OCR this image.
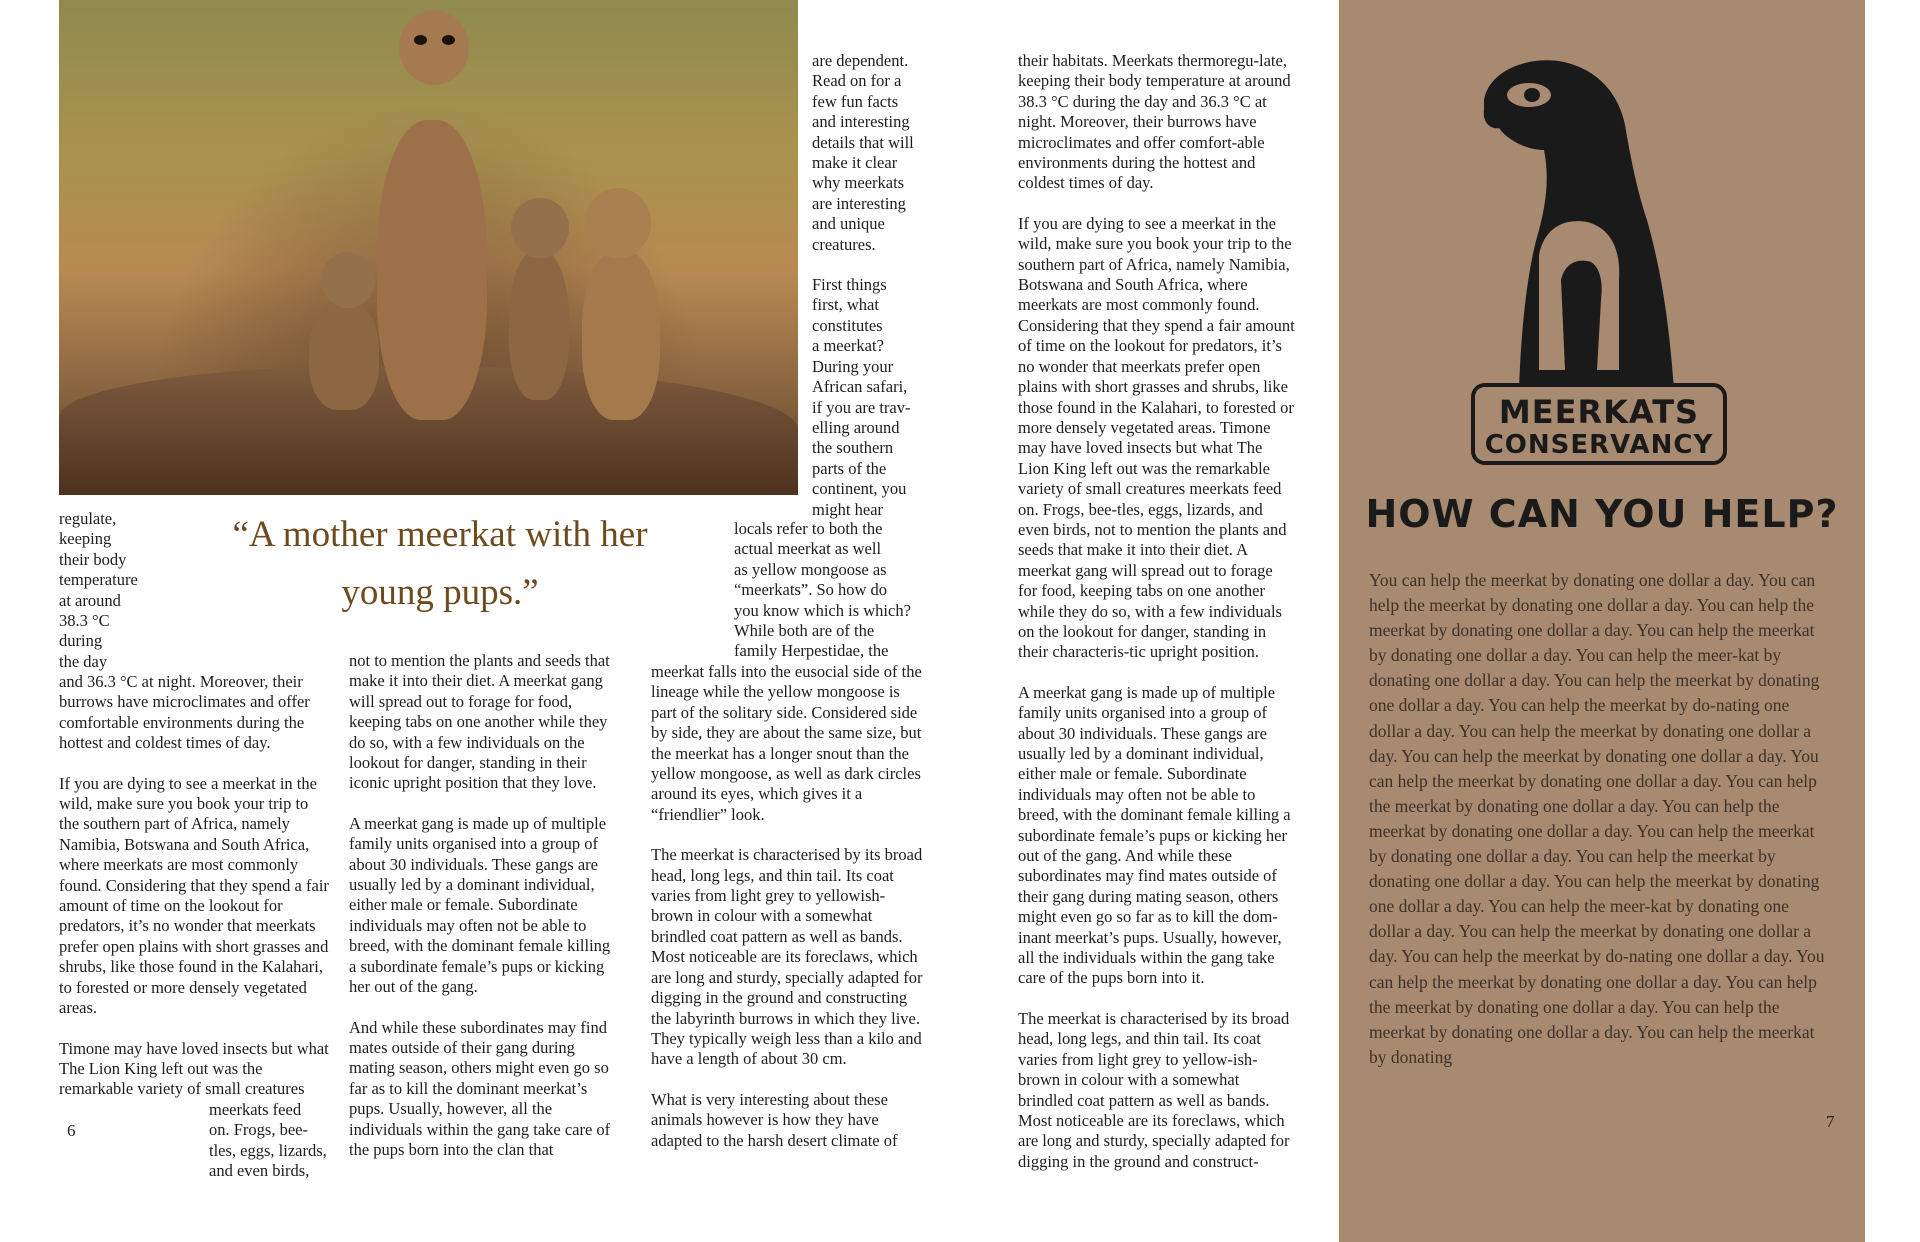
regulate,
keeping
their body
temperature
at around
38.3 °C
during
the day

and 36.3 °C at night. Moreover, their burrows have microclimates and offer comfortable environments during the hottest and coldest times of day.

If you are dying to see a meerkat in the wild, make sure you book your trip to the southern part of Africa, namely Namibia, Botswana and South Africa, where meerkats are most commonly found. Considering that they spend a fair amount of time on the lookout for predators, it’s no wonder that meerkats prefer open plains with short grasses and shrubs, like those found in the Kalahari, to forested or more densely vegetated areas.

Timone may have loved insects but what The Lion King left out was the remarkable variety of small creatures

meerkats feed
on. Frogs, bee-
tles, eggs, lizards,
and even birds,

6
“A mother meerkat with her young pups.”

not to mention the plants and seeds that make it into their diet. A meerkat gang will spread out to forage for food, keeping tabs on one another while they do so, with a few individuals on the lookout for danger, standing in their iconic upright position that they love.

A meerkat gang is made up of multiple family units organised into a group of about 30 individuals. These gangs are usually led by a dominant individual, either male or female. Subordinate individuals may often not be able to breed, with the dominant female killing a subordinate female’s pups or kicking her out of the gang.

And while these subordinates may find mates outside of their gang during mating season, others might even go so far as to kill the dominant meerkat’s pups. Usually, however, all the individuals within the gang take care of the pups born into the clan that

are dependent.
Read on for a
few fun facts
and interesting
details that will
make it clear
why meerkats
are interesting
and unique
creatures.

First things
first, what
constitutes
a meerkat?
During your
African safari,
if you are trav-
elling around
the southern
parts of the
continent, you
might hear

locals refer to both the
actual meerkat as well
as yellow mongoose as
“meerkats”. So how do
you know which is which?
While both are of the
family Herpestidae, the

meerkat falls into the eusocial side of the lineage while the yellow mongoose is part of the solitary side. Considered side by side, they are about the same size, but the meerkat has a longer snout than the yellow mongoose, as well as dark circles around its eyes, which gives it a “friendlier” look.

The meerkat is characterised by its broad head, long legs, and thin tail. Its coat varies from light grey to yellowish-brown in colour with a somewhat brindled coat pattern as well as bands. Most noticeable are its foreclaws, which are long and sturdy, specially adapted for digging in the ground and constructing the labyrinth burrows in which they live. They typically weigh less than a kilo and have a length of about 30 cm.

What is very interesting about these animals however is how they have adapted to the harsh desert climate of

their habitats. Meerkats thermoregu-late, keeping their body temperature at around 38.3 °C during the day and 36.3 °C at night. Moreover, their burrows have microclimates and offer comfort-able environments during the hottest and coldest times of day.

If you are dying to see a meerkat in the wild, make sure you book your trip to the southern part of Africa, namely Namibia, Botswana and South Africa, where meerkats are most commonly found. Considering that they spend a fair amount of time on the lookout for predators, it’s no wonder that meerkats prefer open plains with short grasses and shrubs, like those found in the Kalahari, to forested or more densely vegetated areas. Timone may have loved insects but what The Lion King left out was the remarkable variety of small creatures meerkats feed on. Frogs, bee-tles, eggs, lizards, and even birds, not to mention the plants and seeds that make it into their diet. A meerkat gang will spread out to forage for food, keeping tabs on one another while they do so, with a few individuals on the lookout for danger, standing in their characteris-tic upright position.

A meerkat gang is made up of multiple family units organised into a group of about 30 individuals. These gangs are usually led by a dominant individual, either male or female. Subordinate individuals may often not be able to breed, with the dominant female killing a subordinate female’s pups or kicking her out of the gang. And while these subordinates may find mates outside of their gang during mating season, others might even go so far as to kill the dom-inant meerkat’s pups. Usually, however, all the individuals within the gang take care of the pups born into it.

The meerkat is characterised by its broad head, long legs, and thin tail. Its coat varies from light grey to yellow-ish-brown in colour with a somewhat brindled coat pattern as well as bands. Most noticeable are its foreclaws, which are long and sturdy, specially adapted for digging in the ground and construct-

MEERKATS
CONSERVANCY
HOW CAN YOU HELP?
You can help the meerkat by donating one dollar a day. You can help the meerkat by donating one dollar a day. You can help the meerkat by donating one dollar a day. You can help the meerkat by donating one dollar a day. You can help the meer-kat by donating one dollar a day. You can help the meerkat by donating one dollar a day. You can help the meerkat by do-nating one dollar a day. You can help the meerkat by donating one dollar a day. You can help the meerkat by donating one dollar a day. You can help the meerkat by donating one dollar a day. You can help the meerkat by donating one dollar a day. You can help the meerkat by donating one dollar a day. You can help the meerkat by donating one dollar a day. You can help the meerkat by donating one dollar a day. You can help the meerkat by donating one dollar a day. You can help the meer-kat by donating one dollar a day. You can help the meerkat by donating one dollar a day. You can help the meerkat by do-nating one dollar a day. You can help the meerkat by donating one dollar a day. You can help the meerkat by donating one dollar a day. You can help the meerkat by donating one dollar a day. You can help the meerkat by donating
7
